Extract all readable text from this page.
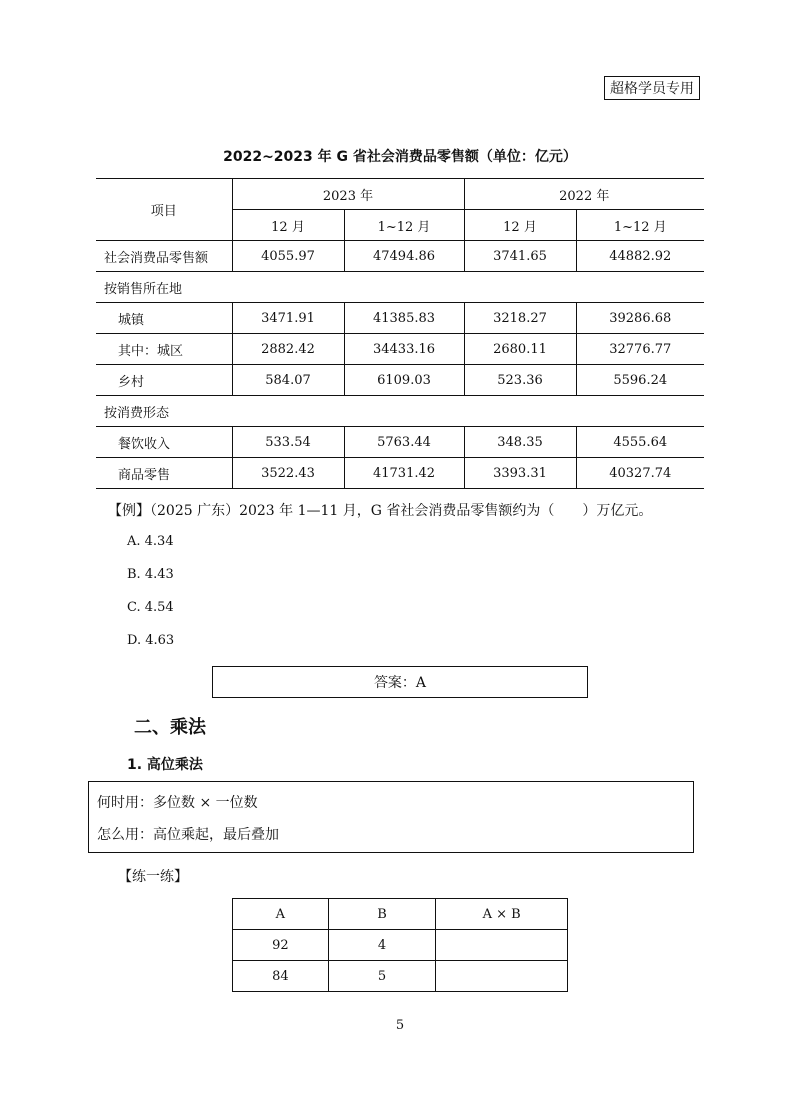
超格学员专用
2022~2023 年 G 省社会消费品零售额（单位：亿元）
项目	2023 年		2022 年	
	12 月	1~12 月	12 月	1~12 月
社会消费品零售额	4055.97	47494.86	3741.65	44882.92
按销售所在地				
城镇	3471.91	41385.83	3218.27	39286.68
其中：城区	2882.42	34433.16	2680.11	32776.77
乡村	584.07	6109.03	523.36	5596.24
按消费形态				
餐饮收入	533.54	5763.44	348.35	4555.64
商品零售	3522.43	41731.42	3393.31	40327.74
【例】（2025 广东）2023 年 1—11 月，G 省社会消费品零售额约为（　　）万亿元。
A. 4.34
B. 4.43
C. 4.54
D. 4.63
答案：A
二、乘法
1. 高位乘法
何时用：多位数 × 一位数
怎么用：高位乘起，最后叠加
【练一练】
A	B	A × B
92	4	
84	5	
5
